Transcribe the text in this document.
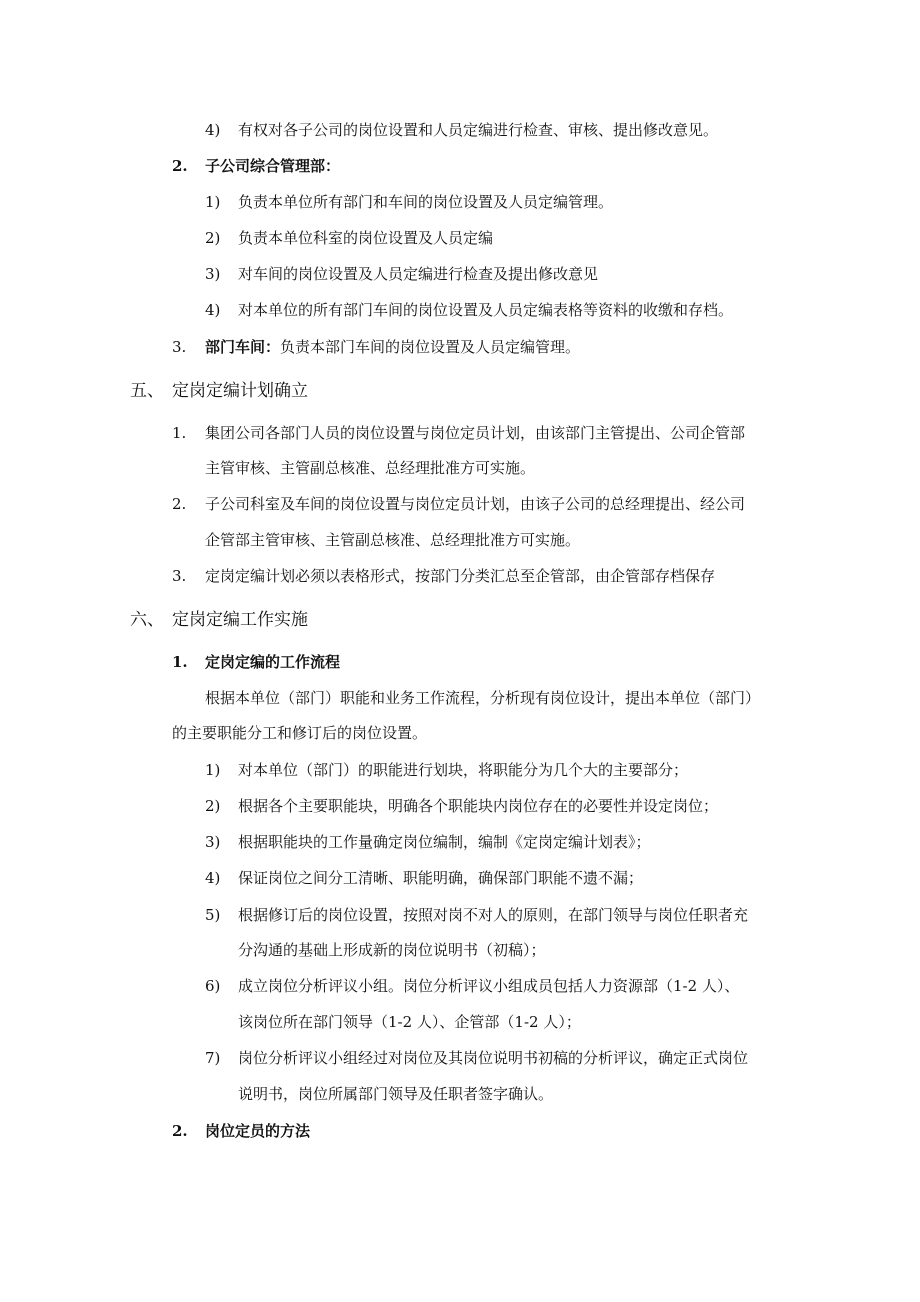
4) 有权对各子公司的岗位设置和人员定编进行检查、审核、提出修改意见。
2. 子公司综合管理部：
1) 负责本单位所有部门和车间的岗位设置及人员定编管理。
2) 负责本单位科室的岗位设置及人员定编
3) 对车间的岗位设置及人员定编进行检查及提出修改意见
4) 对本单位的所有部门车间的岗位设置及人员定编表格等资料的收缴和存档。
3. 部门车间：负责本部门车间的岗位设置及人员定编管理。
五、 定岗定编计划确立
1. 集团公司各部门人员的岗位设置与岗位定员计划，由该部门主管提出、公司企管部
主管审核、主管副总核准、总经理批准方可实施。
2. 子公司科室及车间的岗位设置与岗位定员计划，由该子公司的总经理提出、经公司
企管部主管审核、主管副总核准、总经理批准方可实施。
3. 定岗定编计划必须以表格形式，按部门分类汇总至企管部，由企管部存档保存
六、 定岗定编工作实施
1. 定岗定编的工作流程
根据本单位（部门）职能和业务工作流程，分析现有岗位设计，提出本单位（部门）
的主要职能分工和修订后的岗位设置。
1) 对本单位（部门）的职能进行划块，将职能分为几个大的主要部分；
2) 根据各个主要职能块，明确各个职能块内岗位存在的必要性并设定岗位；
3) 根据职能块的工作量确定岗位编制，编制《定岗定编计划表》；
4) 保证岗位之间分工清晰、职能明确，确保部门职能不遗不漏；
5) 根据修订后的岗位设置，按照对岗不对人的原则，在部门领导与岗位任职者充
分沟通的基础上形成新的岗位说明书（初稿）；
6) 成立岗位分析评议小组。岗位分析评议小组成员包括人力资源部（1-2 人）、
该岗位所在部门领导（1-2 人）、企管部（1-2 人）；
7) 岗位分析评议小组经过对岗位及其岗位说明书初稿的分析评议，确定正式岗位
说明书，岗位所属部门领导及任职者签字确认。
2. 岗位定员的方法
